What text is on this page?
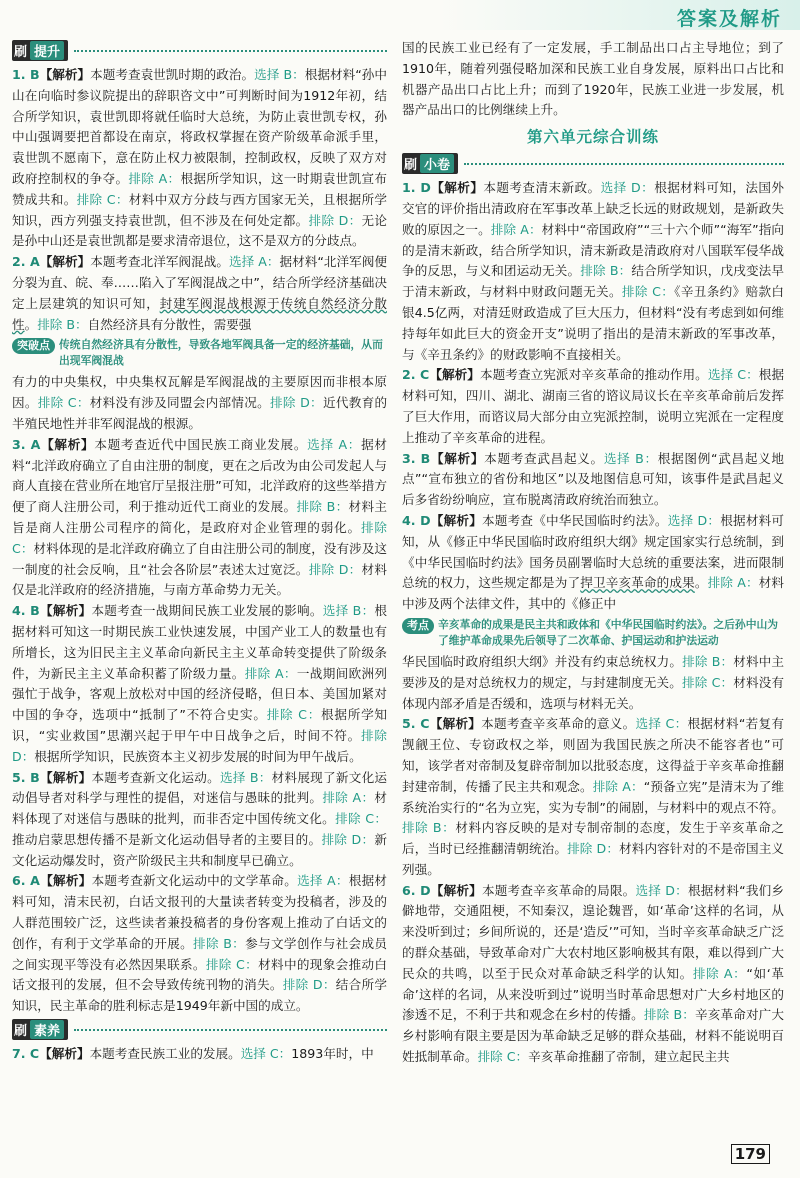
答案及解析
刷 提升

1. B【解析】本题考查袁世凯时期的政治。选择 B：根据材料“孙中山在向临时参议院提出的辞职咨文中”可判断时间为1912年初，结合所学知识，袁世凯即将就任临时大总统，为防止袁世凯专权，孙中山强调要把首都设在南京，将政权掌握在资产阶级革命派手里，袁世凯不愿南下，意在防止权力被限制，控制政权，反映了双方对政府控制权的争夺。排除 A：根据所学知识，这一时期袁世凯宣布赞成共和。排除 C：材料中双方分歧与西方国家无关，且根据所学知识，西方列强支持袁世凯，但不涉及在何处定都。排除 D：无论是孙中山还是袁世凯都是要求清帝退位，这不是双方的分歧点。

2. A【解析】本题考查北洋军阀混战。选择 A：据材料“北洋军阀便分裂为直、皖、奉……陷入了军阀混战之中”，结合所学经济基础决定上层建筑的知识可知，封建军阀混战根源于传统自然经济分散性。排除 B：自然经济具有分散性，需要强

突破点 传统自然经济具有分散性，导致各地军阀具备一定的经济基础，从而出现军阀混战

有力的中央集权，中央集权瓦解是军阀混战的主要原因而非根本原因。排除 C：材料没有涉及同盟会内部情况。排除 D：近代教育的半殖民地性并非军阀混战的根源。

3. A【解析】本题考查近代中国民族工商业发展。选择 A：据材料“北洋政府确立了自由注册的制度，更在之后改为由公司发起人与商人直接在营业所在地官厅呈报注册”可知，北洋政府的这些举措方便了商人注册公司，利于推动近代工商业的发展。排除 B：材料主旨是商人注册公司程序的简化，是政府对企业管理的弱化。排除 C：材料体现的是北洋政府确立了自由注册公司的制度，没有涉及这一制度的社会反响，且“社会各阶层”表述太过宽泛。排除 D：材料仅是北洋政府的经济措施，与南方革命势力无关。

4. B【解析】本题考查一战期间民族工业发展的影响。选择 B：根据材料可知这一时期民族工业快速发展，中国产业工人的数量也有所增长，这为旧民主主义革命向新民主主义革命转变提供了阶级条件，为新民主主义革命积蓄了阶级力量。排除 A：一战期间欧洲列强忙于战争，客观上放松对中国的经济侵略，但日本、美国加紧对中国的争夺，选项中“抵制了”不符合史实。排除 C：根据所学知识，“实业救国”思潮兴起于甲午中日战争之后，时间不符。排除 D：根据所学知识，民族资本主义初步发展的时间为甲午战后。

5. B【解析】本题考查新文化运动。选择 B：材料展现了新文化运动倡导者对科学与理性的提倡，对迷信与愚昧的批判。排除 A：材料体现了对迷信与愚昧的批判，而非否定中国传统文化。排除 C：推动启蒙思想传播不是新文化运动倡导者的主要目的。排除 D：新文化运动爆发时，资产阶级民主共和制度早已确立。

6. A【解析】本题考查新文化运动中的文学革命。选择 A：根据材料可知，清末民初，白话文报刊的大量读者转变为投稿者，涉及的人群范围较广泛，这些读者兼投稿者的身份客观上推动了白话文的创作，有利于文学革命的开展。排除 B：参与文学创作与社会成员之间实现平等没有必然因果联系。排除 C：材料中的现象会推动白话文报刊的发展，但不会导致传统刊物的消失。排除 D：结合所学知识，民主革命的胜利标志是1949年新中国的成立。

刷 素养

7. C【解析】本题考查民族工业的发展。选择 C：1893年时，中

国的民族工业已经有了一定发展，手工制品出口占主导地位；到了1910年，随着列强侵略加深和民族工业自身发展，原料出口占比和机器产品出口占比上升；而到了1920年，民族工业进一步发展，机器产品出口的比例继续上升。

第六单元综合训练
刷 小卷

1. D【解析】本题考查清末新政。选择 D：根据材料可知，法国外交官的评价指出清政府在军事改革上缺乏长远的财政规划，是新政失败的原因之一。排除 A：材料中“帝国政府”“三十六个师”“海军”指向的是清末新政，结合所学知识，清末新政是清政府对八国联军侵华战争的反思，与义和团运动无关。排除 B：结合所学知识，戊戌变法早于清末新政，与材料中财政问题无关。排除 C：《辛丑条约》赔款白银4.5亿两，对清廷财政造成了巨大压力，但材料“没有考虑到如何维持每年如此巨大的资金开支”说明了指出的是清末新政的军事改革，与《辛丑条约》的财政影响不直接相关。

2. C【解析】本题考查立宪派对辛亥革命的推动作用。选择 C：根据材料可知，四川、湖北、湖南三省的谘议局议长在辛亥革命前后发挥了巨大作用，而谘议局大部分由立宪派控制，说明立宪派在一定程度上推动了辛亥革命的进程。

3. B【解析】本题考查武昌起义。选择 B：根据图例“武昌起义地点”“宣布独立的省份和地区”以及地图信息可知，该事件是武昌起义后多省纷纷响应，宣布脱离清政府统治而独立。

4. D【解析】本题考查《中华民国临时约法》。选择 D：根据材料可知，从《修正中华民国临时政府组织大纲》规定国家实行总统制，到《中华民国临时约法》国务员副署临时大总统的重要法案，进而限制总统的权力，这些规定都是为了捍卫辛亥革命的成果。排除 A：材料中涉及两个法律文件，其中的《修正中

考点 辛亥革命的成果是民主共和政体和《中华民国临时约法》。之后孙中山为了维护革命成果先后领导了二次革命、护国运动和护法运动

华民国临时政府组织大纲》并没有约束总统权力。排除 B：材料中主要涉及的是对总统权力的规定，与封建制度无关。排除 C：材料没有体现内部矛盾是否缓和，选项与材料无关。

5. C【解析】本题考查辛亥革命的意义。选择 C：根据材料“若复有觊觎王位、专窃政权之举，则固为我国民族之所决不能容者也”可知，该学者对帝制及复辟帝制加以批驳态度，这得益于辛亥革命推翻封建帝制，传播了民主共和观念。排除 A：“预备立宪”是清末为了维系统治实行的“名为立宪，实为专制”的闹剧，与材料中的观点不符。排除 B：材料内容反映的是对专制帝制的态度，发生于辛亥革命之后，当时已经推翻清朝统治。排除 D：材料内容针对的不是帝国主义列强。

6. D【解析】本题考查辛亥革命的局限。选择 D：根据材料“我们乡僻地带，交通阻梗，不知秦汉，遑论魏晋，如‘革命’这样的名词，从来没听到过；乡间所说的，还是‘造反’”可知，当时辛亥革命缺乏广泛的群众基础，导致革命对广大农村地区影响极其有限，难以得到广大民众的共鸣，以至于民众对革命缺乏科学的认知。排除 A：“如‘革命’这样的名词，从来没听到过”说明当时革命思想对广大乡村地区的渗透不足，不利于共和观念在乡村的传播。排除 B：辛亥革命对广大乡村影响有限主要是因为革命缺乏足够的群众基础，材料不能说明百姓抵制革命。排除 C：辛亥革命推翻了帝制，建立起民主共

179
